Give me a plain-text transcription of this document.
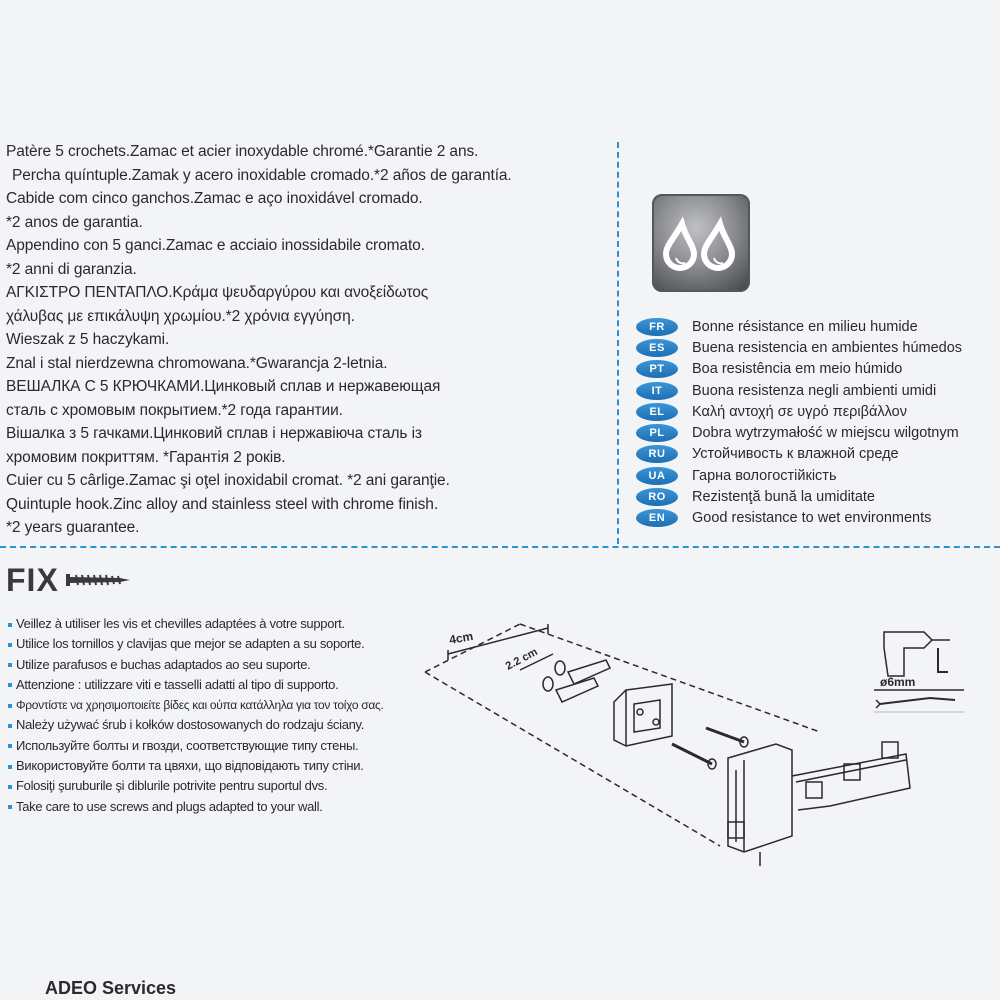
Patère 5 crochets.Zamac et acier inoxydable chromé.*Garantie 2 ans.
Percha quíntuple.Zamak y acero inoxidable cromado.*2 años de garantía.
Cabide com cinco ganchos.Zamac e aço inoxidável cromado.
*2 anos de garantia.
Appendino con 5 ganci.Zamac e acciaio inossidabile cromato.
*2 anni di garanzia.
ΑΓΚΙΣΤΡΟ ΠΕΝΤΑΠΛΟ.Κράμα ψευδαργύρου και ανοξείδωτος
χάλυβας με επικάλυψη χρωμίου.*2 χρόνια εγγύηση.
Wieszak z 5 haczykami.
Znal i stal nierdzewna chromowana.*Gwarancja 2-letnia.
ВЕШАЛКА С 5 КРЮЧКАМИ.Цинковый сплав и нержавеющая
сталь с хромовым покрытием.*2 года гарантии.
Вішалка з 5 гачками.Цинковий сплав і нержавіюча сталь із
хромовим покриттям. *Гарантія 2 років.
Cuier cu 5 cârlige.Zamac şi oţel inoxidabil cromat. *2 ani garanţie.
Quintuple hook.Zinc alloy and stainless steel with chrome finish.
*2 years guarantee.
FR	Bonne résistance en milieu humide
ES	Buena resistencia en ambientes húmedos
PT	Boa resistência em meio húmido
IT	Buona resistenza negli ambienti umidi
EL	Καλή αντοχή σε υγρό περιβάλλον
PL	Dobra wytrzymałość w miejscu wilgotnym
RU	Устойчивость к влажной среде
UA	Гарна вологостійкість
RO	Rezistenţă bună la umiditate
EN	Good resistance to wet environments
FIX
Veillez à utiliser les vis et chevilles adaptées à votre support.
Utilice los tornillos y clavijas que mejor se adapten a su soporte.
Utilize parafusos e buchas adaptados ao seu suporte.
Attenzione : utilizzare viti e tasselli adatti al tipo di supporto.
Φροντίστε να χρησιμοποιείτε βίδες και ούπα κατάλληλα για τον τοίχο σας.
Należy używać śrub i kołków dostosowanych do rodzaju ściany.
Используйте болты и гвозди, соответствующие типу стены.
Використовуйте болти та цвяхи, що відповідають типу стіни.
Folosiţi şuruburile şi diblurile potrivite pentru suportul dvs.
Take care to use screws and plugs adapted to your wall.
4cm
2.2 cm
ø6mm
ADEO Services
